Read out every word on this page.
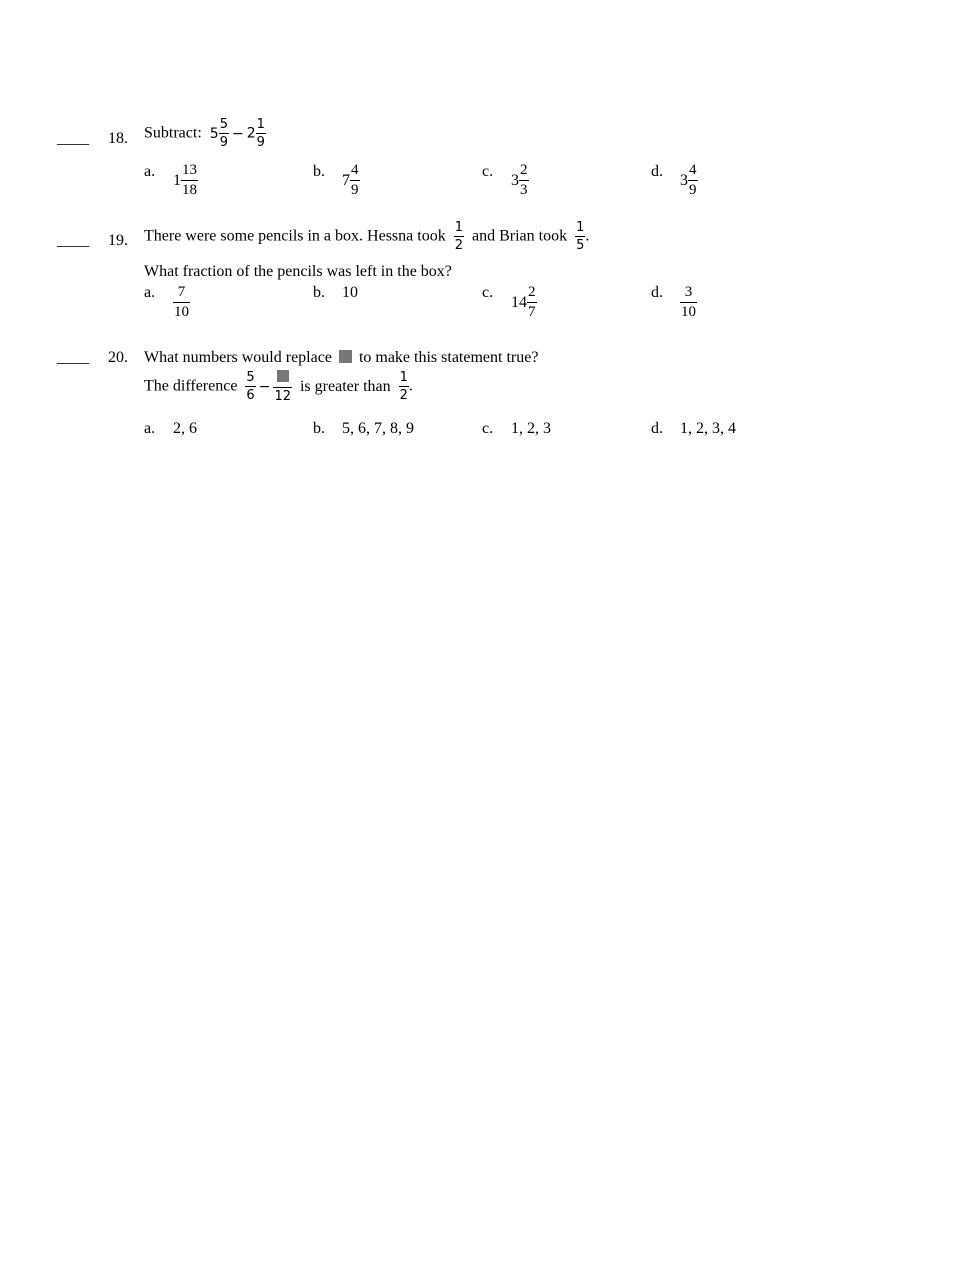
____ 18. Subtract: $5 \frac{5}{9} - 2 \frac{1}{9}$
a. $1 \frac{13}{18}$	b. $7 \frac{4}{9}$	c. $3 \frac{2}{3}$	d. $3 \frac{4}{9}$
____ 19. There were some pencils in a box. Hessna took $\frac{1}{2}$ and Brian took $\frac{1}{5}$ .
What fraction of the pencils was left in the box?
a. $\frac{7}{10}$	b. 10	c.
$14 \frac{2}{7}$	d. $\frac{3}{10}$
____ 20. What numbers would replace to make this statement true?
The difference $\frac{5}{6}$ −
12
is greater than $\frac{1}{2}$ .
a. 2, 6	b. 5, 6, 7, 8, 9	c. 1, 2, 3	d. 1, 2, 3, 4
